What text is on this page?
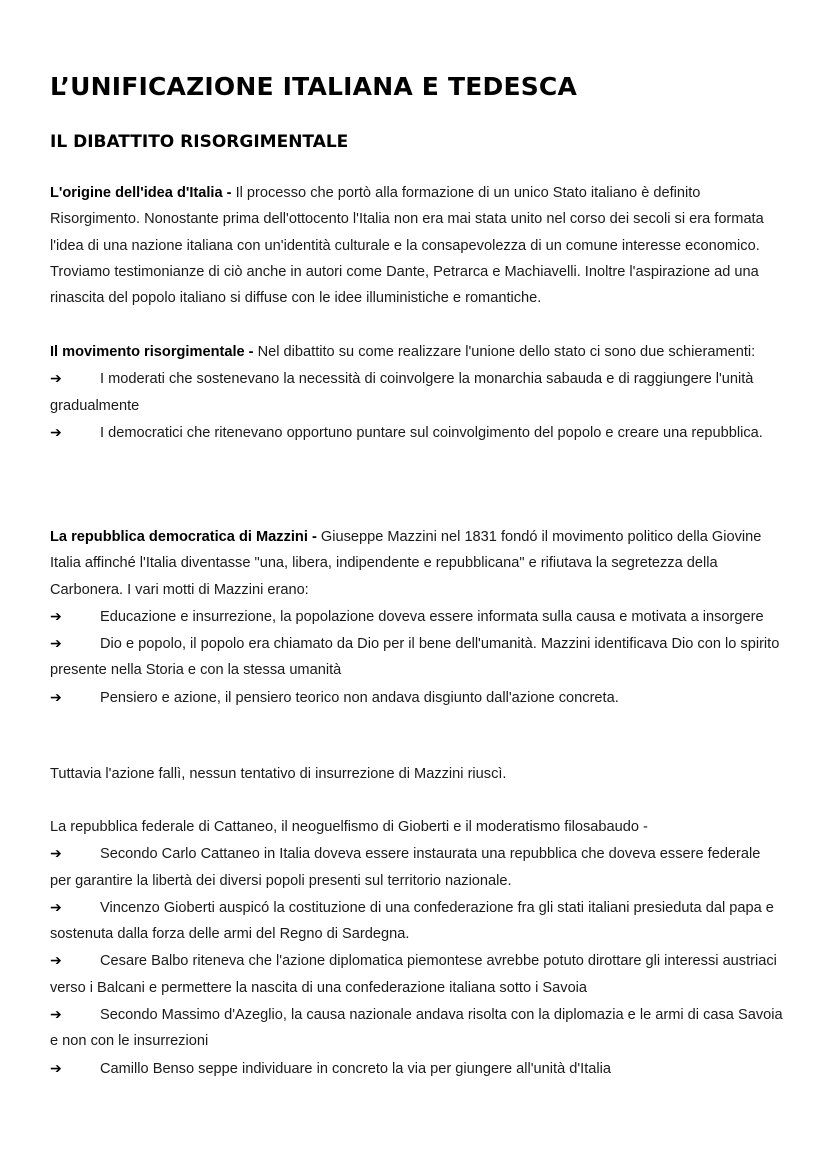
L’UNIFICAZIONE ITALIANA E TEDESCA
IL DIBATTITO RISORGIMENTALE

L'origine dell'idea d'Italia - Il processo che portò alla formazione di un unico Stato italiano è definito Risorgimento. Nonostante prima dell'ottocento l'Italia non era mai stata unito nel corso dei secoli si era formata l'idea di una nazione italiana con un'identità culturale e la consapevolezza di un comune interesse economico. Troviamo testimonianze di ciò anche in autori come Dante, Petrarca e Machiavelli. Inoltre l'aspirazione ad una rinascita del popolo italiano si diffuse con le idee illuministiche e romantiche.

Il movimento risorgimentale - Nel dibattito su come realizzare l'unione dello stato ci sono due schieramenti:

➔	I moderati che sostenevano la necessità di coinvolgere la monarchia sabauda e di raggiungere l'unità gradualmente

➔	I democratici che ritenevano opportuno puntare sul coinvolgimento del popolo e creare una repubblica.

La repubblica democratica di Mazzini - Giuseppe Mazzini nel 1831 fondó il movimento politico della Giovine Italia affinché l'Italia diventasse "una, libera, indipendente e repubblicana" e rifiutava la segretezza della Carbonera. I vari motti di Mazzini erano:

➔	Educazione e insurrezione, la popolazione doveva essere informata sulla causa e motivata a insorgere

➔	Dio e popolo, il popolo era chiamato da Dio per il bene dell'umanità. Mazzini identificava Dio con lo spirito presente nella Storia e con la stessa umanità

➔	Pensiero e azione, il pensiero teorico non andava disgiunto dall'azione concreta.

Tuttavia l'azione fallì, nessun tentativo di insurrezione di Mazzini riuscì.

La repubblica federale di Cattaneo, il neoguelfismo di Gioberti e il moderatismo filosabaudo -

➔	Secondo Carlo Cattaneo in Italia doveva essere instaurata una repubblica che doveva essere federale per garantire la libertà dei diversi popoli presenti sul territorio nazionale.

➔	Vincenzo Gioberti auspicó la costituzione di una confederazione fra gli stati italiani presieduta dal papa e sostenuta dalla forza delle armi del Regno di Sardegna.

➔	Cesare Balbo riteneva che l'azione diplomatica piemontese avrebbe potuto dirottare gli interessi austriaci verso i Balcani e permettere la nascita di una confederazione italiana sotto i Savoia

➔	Secondo Massimo d'Azeglio, la causa nazionale andava risolta con la diplomazia e le armi di casa Savoia e non con le insurrezioni

➔	Camillo Benso seppe individuare in concreto la via per giungere all'unità d'Italia
